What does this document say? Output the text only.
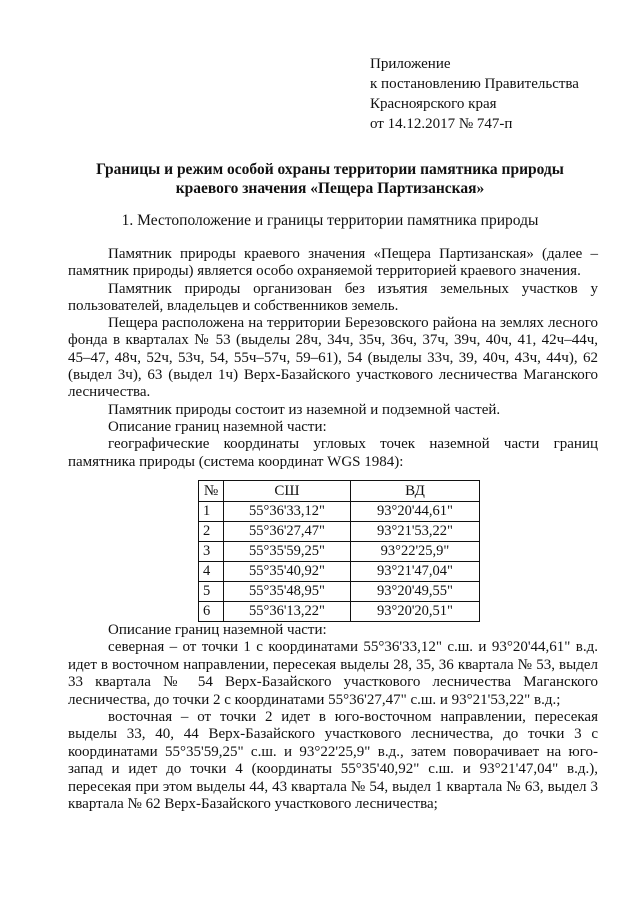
Приложение
к постановлению Правительства
Красноярского края
от 14.12.2017 № 747-п
Границы и режим особой охраны территории памятника природы
краевого значения «Пещера Партизанская»
1. Местоположение и границы территории памятника природы

Памятник природы краевого значения «Пещера Партизанская» (далее – памятник природы) является особо охраняемой территорией краевого значения.

Памятник природы организован без изъятия земельных участков у пользователей, владельцев и собственников земель.

Пещера расположена на территории Березовского района на землях лесного фонда в кварталах № 53 (выделы 28ч, 34ч, 35ч, 36ч, 37ч, 39ч, 40ч, 41, 42ч–44ч, 45–47, 48ч, 52ч, 53ч, 54, 55ч–57ч, 59–61), 54 (выделы 33ч, 39, 40ч, 43ч, 44ч), 62 (выдел 3ч), 63 (выдел 1ч) Верх-Базайского участкового лесничества Маганского лесничества.

Памятник природы состоит из наземной и подземной частей.

Описание границ наземной части:

географические координаты угловых точек наземной части границ памятника природы (система координат WGS 1984):

№	СШ	ВД
1	55°36'33,12"	93°20'44,61"
2	55°36'27,47"	93°21'53,22"
3	55°35'59,25"	93°22'25,9"
4	55°35'40,92"	93°21'47,04"
5	55°35'48,95"	93°20'49,55"
6	55°36'13,22"	93°20'20,51"

Описание границ наземной части:

северная – от точки 1 с координатами 55°36'33,12" с.ш. и 93°20'44,61" в.д. идет в восточном направлении, пересекая выделы 28, 35, 36 квартала № 53, выдел 33 квартала № 54 Верх-Базайского участкового лесничества Маганского лесничества, до точки 2 с координатами 55°36'27,47" с.ш. и 93°21'53,22" в.д.;

восточная – от точки 2 идет в юго-восточном направлении, пересекая выделы 33, 40, 44 Верх-Базайского участкового лесничества, до точки 3 с координатами 55°35'59,25" с.ш. и 93°22'25,9" в.д., затем поворачивает на юго-запад и идет до точки 4 (координаты 55°35'40,92" с.ш. и 93°21'47,04" в.д.), пересекая при этом выделы 44, 43 квартала № 54, выдел 1 квартала № 63, выдел 3 квартала № 62 Верх-Базайского участкового лесничества;
